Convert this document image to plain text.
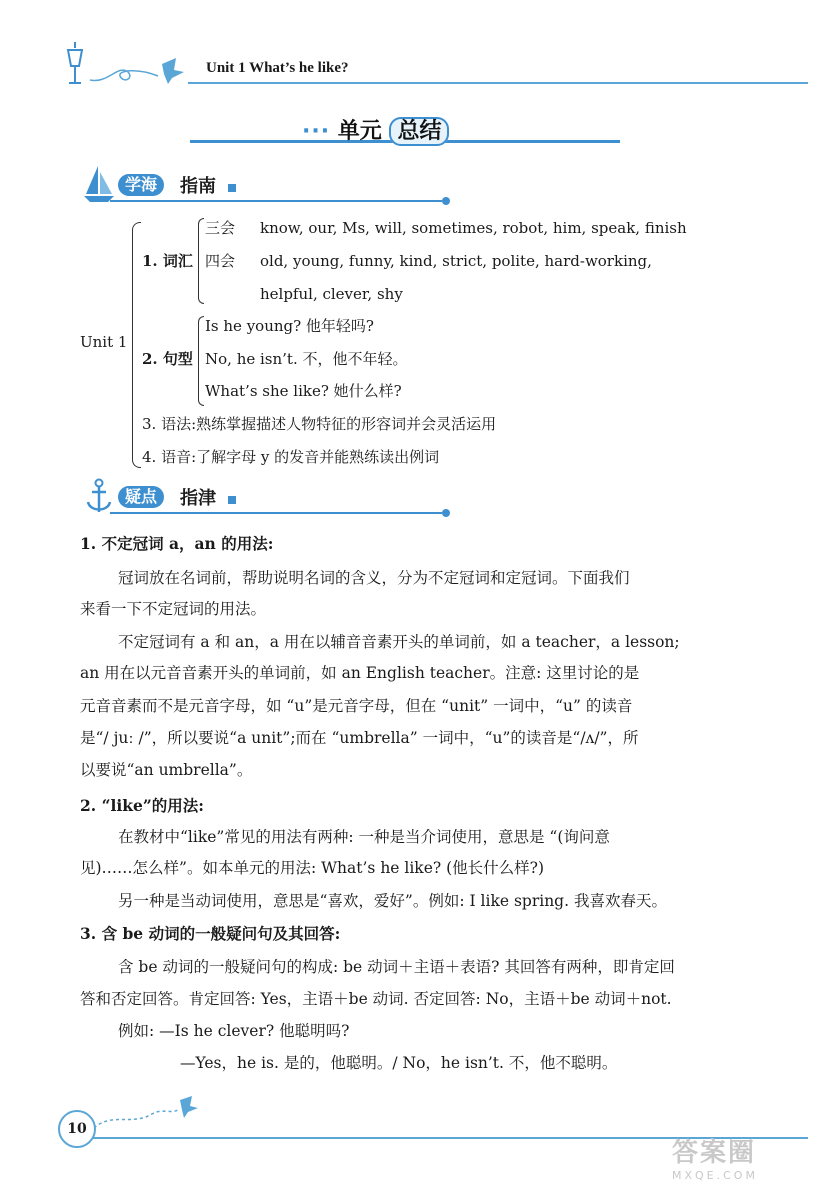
Unit 1 What’s he like?
··· 单元 总结
学海	指南
Unit 1
1. 词汇
三会 know, our, Ms, will, sometimes, robot, him, speak, finish
四会 old, young, funny, kind, strict, polite, hard-working,
helpful, clever, shy
2. 句型
Is he young? 他年轻吗?
No, he isn’t. 不，他不年轻。
What’s she like? 她什么样?
3. 语法:熟练掌握描述人物特征的形容词并会灵活运用
4. 语音:了解字母 y 的发音并能熟练读出例词
疑点	指津
1. 不定冠词 a，an 的用法:
冠词放在名词前，帮助说明名词的含义，分为不定冠词和定冠词。下面我们
来看一下不定冠词的用法。
不定冠词有 a 和 an，a 用在以辅音音素开头的单词前，如 a teacher，a lesson;
an 用在以元音音素开头的单词前，如 an English teacher。注意: 这里讨论的是
元音音素而不是元音字母，如 “u”是元音字母，但在 “unit” 一词中，“u” 的读音
是“/ juː /”，所以要说“a unit”;而在 “umbrella” 一词中，“u”的读音是“/ʌ/”，所
以要说“an umbrella”。
2. “like”的用法:
在教材中“like”常见的用法有两种: 一种是当介词使用，意思是 “(询问意
见)……怎么样”。如本单元的用法: What’s he like? (他长什么样?)
另一种是当动词使用，意思是“喜欢，爱好”。例如: I like spring. 我喜欢春天。
3. 含 be 动词的一般疑问句及其回答:
含 be 动词的一般疑问句的构成: be 动词＋主语＋表语? 其回答有两种，即肯定回
答和否定回答。肯定回答: Yes，主语＋be 动词. 否定回答: No，主语＋be 动词＋not.
例如: —Is he clever? 他聪明吗?
—Yes，he is. 是的，他聪明。/ No，he isn’t. 不，他不聪明。
10
答案圈
MXQE.COM
